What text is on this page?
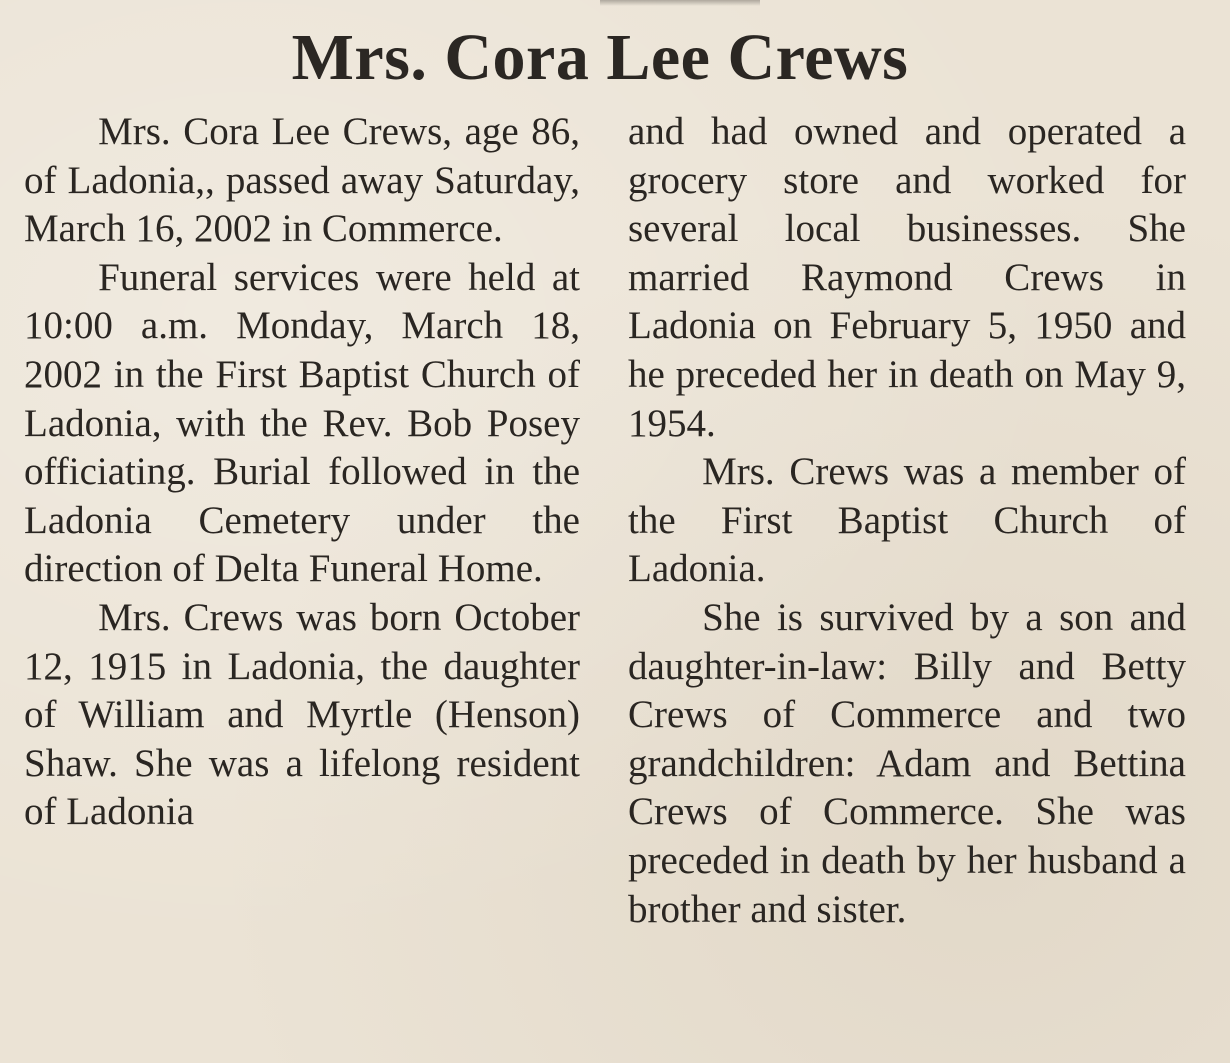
Mrs. Cora Lee Crews

Mrs. Cora Lee Crews, age 86, of Ladonia,, passed away Saturday, March 16, 2002 in Commerce.

Funeral services were held at 10:00 a.m. Monday, March 18, 2002 in the First Baptist Church of Ladonia, with the Rev. Bob Posey officiating. Burial followed in the Ladonia Cemetery under the direction of Delta Funeral Home.

Mrs. Crews was born October 12, 1915 in Ladonia, the daughter of William and Myrtle (Henson) Shaw. She was a lifelong resident of Ladonia

and had owned and operated a grocery store and worked for several local businesses. She married Raymond Crews in Ladonia on February 5, 1950 and he preceded her in death on May 9, 1954.

Mrs. Crews was a member of the First Baptist Church of Ladonia.

She is survived by a son and daughter-in-law: Billy and Betty Crews of Commerce and two grandchildren: Adam and Bettina Crews of Commerce. She was preceded in death by her husband a brother and sister.
